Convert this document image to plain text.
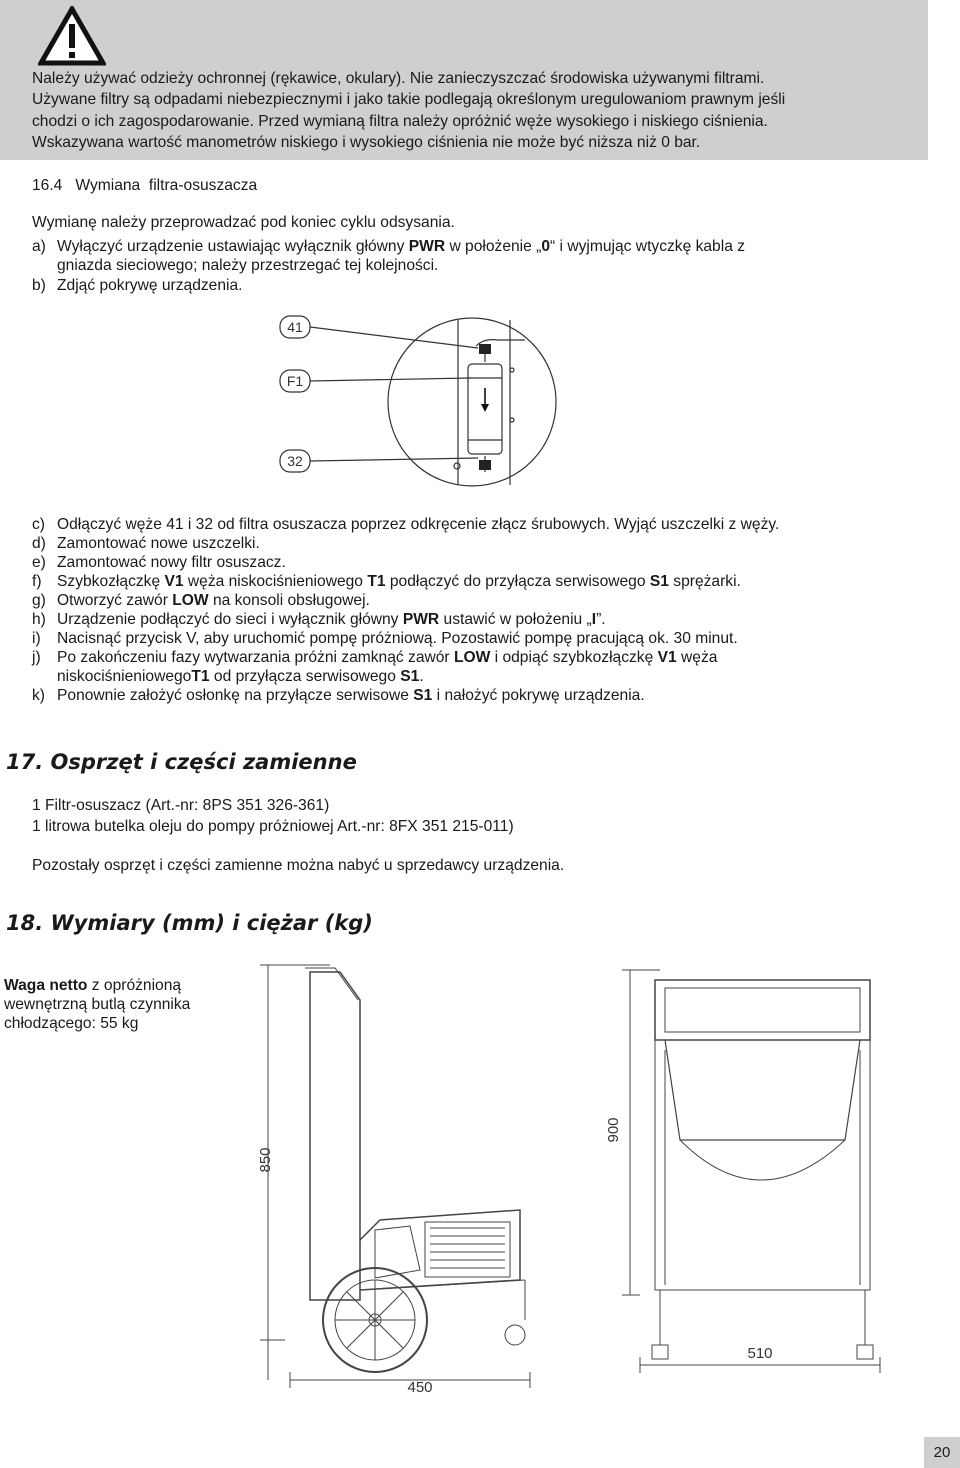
Należy używać odzieży ochronnej (rękawice, okulary). Nie zanieczyszczać środowiska używanymi filtrami.
Używane filtry są odpadami niebezpiecznymi i jako takie podlegają określonym uregulowaniom prawnym jeśli
chodzi o ich zagospodarowanie. Przed wymianą filtra należy opróżnić węże wysokiego i niskiego ciśnienia.
Wskazywana wartość manometrów niskiego i wysokiego ciśnienia nie może być niższa niż 0 bar.
16.4 Wymiana  filtra-osuszacza
Wymianę należy przeprowadzać pod koniec cyklu odsysania.
a) Wyłączyć urządzenie ustawiając wyłącznik główny PWR w położenie „0“ i wyjmując wtyczkę kabla z
gniazda sieciowego; należy przestrzegać tej kolejności.
b) Zdjąć pokrywę urządzenia.
41
F1
32
c) Odłączyć węże 41 i 32 od filtra osuszacza poprzez odkręcenie złącz śrubowych. Wyjąć uszczelki z węży.
d) Zamontować nowe uszczelki.
e) Zamontować nowy filtr osuszacz.
f) Szybkozłączkę V1 węża niskociśnieniowego T1 podłączyć do przyłącza serwisowego S1 sprężarki.
g) Otworzyć zawór LOW na konsoli obsługowej.
h) Urządzenie podłączyć do sieci i wyłącznik główny PWR ustawić w położeniu „I”.
i) Nacisnąć przycisk V, aby uruchomić pompę próżniową. Pozostawić pompę pracującą ok. 30 minut.
j) Po zakończeniu fazy wytwarzania próżni zamknąć zawór LOW i odpiąć szybkozłączkę V1 węża
niskociśnieniowegoT1 od przyłącza serwisowego S1.
k) Ponownie założyć osłonkę na przyłącze serwisowe S1 i nałożyć pokrywę urządzenia.
17. Osprzęt i części zamienne
1 Filtr-osuszacz (Art.-nr: 8PS 351 326-361)
1 litrowa butelka oleju do pompy próżniowej Art.-nr: 8FX 351 215-011)
Pozostały osprzęt i części zamienne można nabyć u sprzedawcy urządzenia.
18. Wymiary (mm) i ciężar (kg)
Waga netto z opróżnioną
wewnętrzną butlą czynnika
chłodzącego: 55 kg
850
450
900
510
20
